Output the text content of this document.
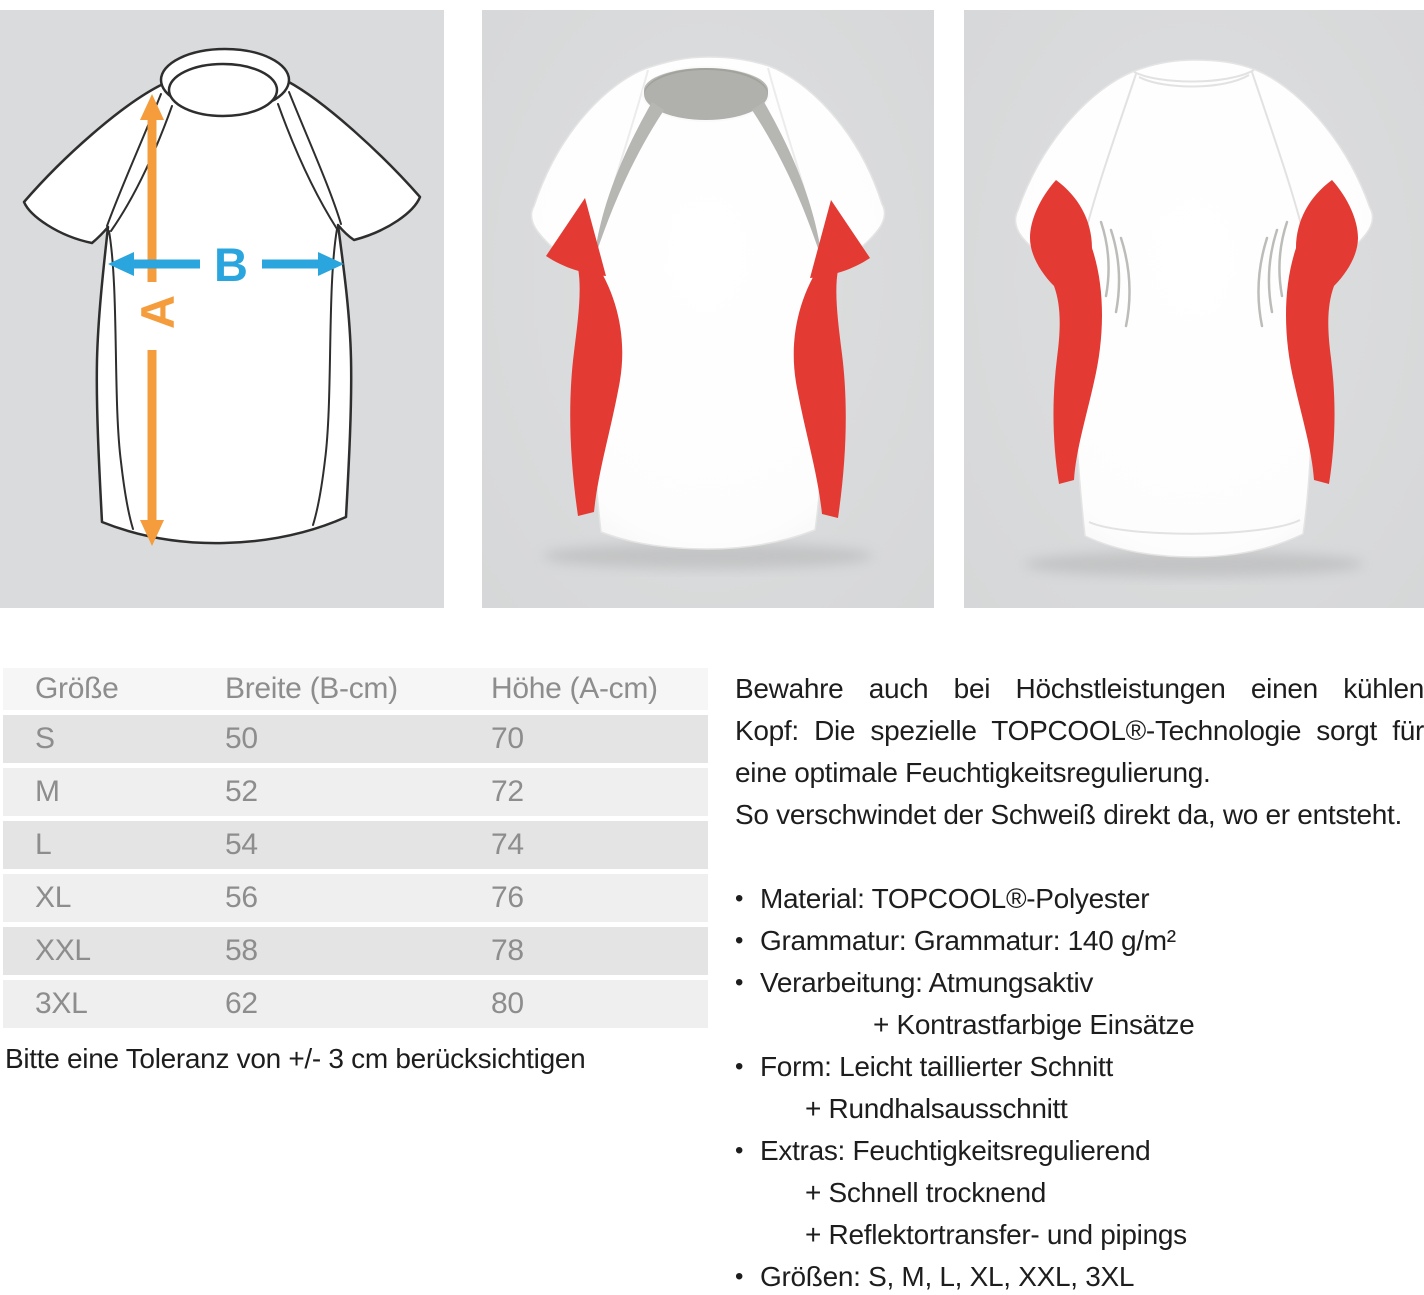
A
B
Größe	Breite (B-cm)	Höhe (A-cm)
S	50	70
M	52	72
L	54	74
XL	56	76
XXL	58	78
3XL	62	80
Bitte eine Toleranz von +/- 3 cm berücksichtigen
Bewahre auch bei Höchstleistungen einen kühlen
Kopf: Die spezielle TOPCOOL®-Technologie sorgt für
eine optimale Feuchtigkeitsregulierung.
So verschwindet der Schweiß direkt da, wo er entsteht.
• Material: TOPCOOL®-Polyester
• Grammatur: Grammatur: 140 g/m²
• Verarbeitung: Atmungsaktiv
+ Kontrastfarbige Einsätze
• Form: Leicht taillierter Schnitt
+ Rundhalsausschnitt
• Extras: Feuchtigkeitsregulierend
+ Schnell trocknend
+ Reflektortransfer- und pipings
• Größen: S, M, L, XL, XXL, 3XL
